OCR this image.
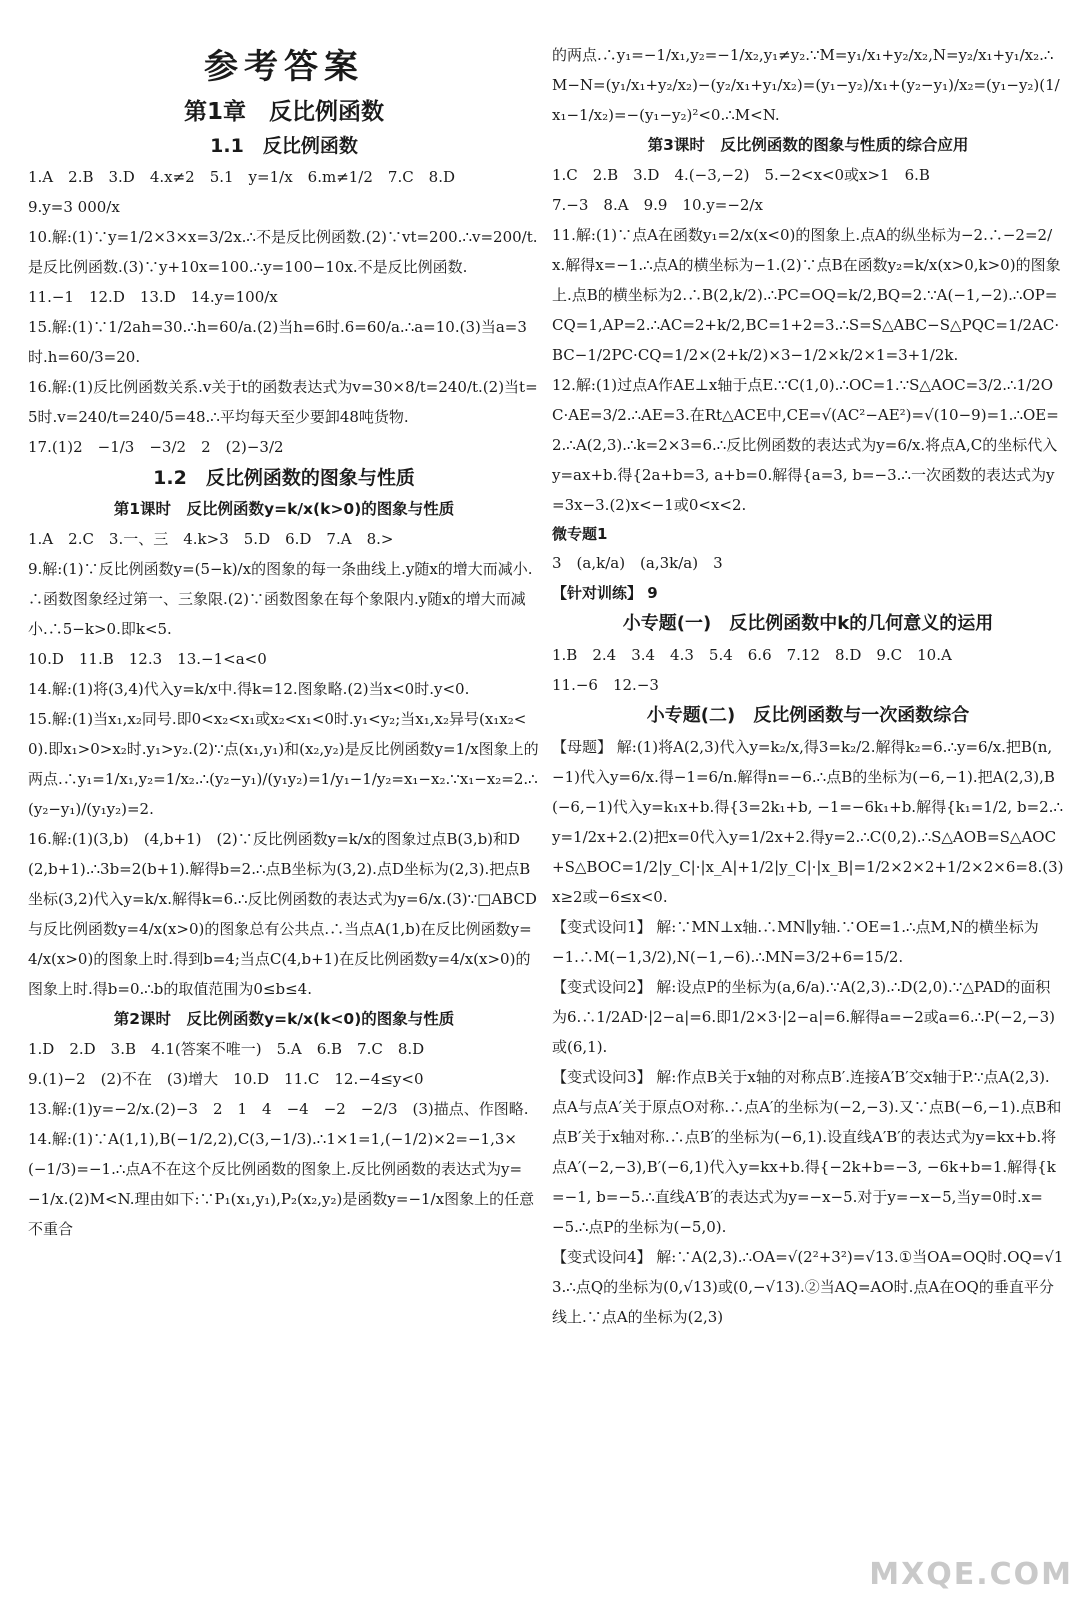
参考答案
第1章　反比例函数
1.1　反比例函数

1.A　2.B　3.D　4.x≠2　5.1　y=1/x　6.m≠1/2　7.C　8.D

9.y=3 000/x

10.解:(1)∵y=1/2×3×x=3/2x.∴不是反比例函数.(2)∵vt=200.∴v=200/t.是反比例函数.(3)∵y+10x=100.∴y=100−10x.不是反比例函数.

11.−1　12.D　13.D　14.y=100/x

15.解:(1)∵1/2ah=30.∴h=60/a.(2)当h=6时.6=60/a.∴a=10.(3)当a=3时.h=60/3=20.

16.解:(1)反比例函数关系.v关于t的函数表达式为v=30×8/t=240/t.(2)当t=5时.v=240/t=240/5=48.∴平均每天至少要卸48吨货物.

17.(1)2　−1/3　−3/2　2　(2)−3/2

1.2　反比例函数的图象与性质
第1课时　反比例函数y=k/x(k>0)的图象与性质

1.A　2.C　3.一、三　4.k>3　5.D　6.D　7.A　8.>

9.解:(1)∵反比例函数y=(5−k)/x的图象的每一条曲线上.y随x的增大而减小.∴函数图象经过第一、三象限.(2)∵函数图象在每个象限内.y随x的增大而减小.∴5−k>0.即k<5.

10.D　11.B　12.3　13.−1<a<0

14.解:(1)将(3,4)代入y=k/x中.得k=12.图象略.(2)当x<0时.y<0.

15.解:(1)当x₁,x₂同号.即0<x₂<x₁或x₂<x₁<0时.y₁<y₂;当x₁,x₂异号(x₁x₂<0).即x₁>0>x₂时.y₁>y₂.(2)∵点(x₁,y₁)和(x₂,y₂)是反比例函数y=1/x图象上的两点.∴y₁=1/x₁,y₂=1/x₂.∴(y₂−y₁)/(y₁y₂)=1/y₁−1/y₂=x₁−x₂.∵x₁−x₂=2.∴(y₂−y₁)/(y₁y₂)=2.

16.解:(1)(3,b)　(4,b+1)　(2)∵反比例函数y=k/x的图象过点B(3,b)和D(2,b+1).∴3b=2(b+1).解得b=2.∴点B坐标为(3,2).点D坐标为(2,3).把点B坐标(3,2)代入y=k/x.解得k=6.∴反比例函数的表达式为y=6/x.(3)∵□ABCD与反比例函数y=4/x(x>0)的图象总有公共点.∴当点A(1,b)在反比例函数y=4/x(x>0)的图象上时.得到b=4;当点C(4,b+1)在反比例函数y=4/x(x>0)的图象上时.得b=0.∴b的取值范围为0≤b≤4.

第2课时　反比例函数y=k/x(k<0)的图象与性质

1.D　2.D　3.B　4.1(答案不唯一)　5.A　6.B　7.C　8.D

9.(1)−2　(2)不在　(3)增大　10.D　11.C　12.−4≤y<0

13.解:(1)y=−2/x.(2)−3　2　1　4　−4　−2　−2/3　(3)描点、作图略.

14.解:(1)∵A(1,1),B(−1/2,2),C(3,−1/3).∴1×1=1,(−1/2)×2=−1,3×(−1/3)=−1.∴点A不在这个反比例函数的图象上.反比例函数的表达式为y=−1/x.(2)M<N.理由如下:∵P₁(x₁,y₁),P₂(x₂,y₂)是函数y=−1/x图象上的任意不重合

的两点.∴y₁=−1/x₁,y₂=−1/x₂,y₁≠y₂.∵M=y₁/x₁+y₂/x₂,N=y₂/x₁+y₁/x₂.∴M−N=(y₁/x₁+y₂/x₂)−(y₂/x₁+y₁/x₂)=(y₁−y₂)/x₁+(y₂−y₁)/x₂=(y₁−y₂)(1/x₁−1/x₂)=−(y₁−y₂)²<0.∴M<N.

第3课时　反比例函数的图象与性质的综合应用

1.C　2.B　3.D　4.(−3,−2)　5.−2<x<0或x>1　6.B

7.−3　8.A　9.9　10.y=−2/x

11.解:(1)∵点A在函数y₁=2/x(x<0)的图象上.点A的纵坐标为−2.∴−2=2/x.解得x=−1.∴点A的横坐标为−1.(2)∵点B在函数y₂=k/x(x>0,k>0)的图象上.点B的横坐标为2.∴B(2,k/2).∴PC=OQ=k/2,BQ=2.∵A(−1,−2).∴OP=CQ=1,AP=2.∴AC=2+k/2,BC=1+2=3.∴S=S△ABC−S△PQC=1/2AC·BC−1/2PC·CQ=1/2×(2+k/2)×3−1/2×k/2×1=3+1/2k.

12.解:(1)过点A作AE⊥x轴于点E.∵C(1,0).∴OC=1.∵S△AOC=3/2.∴1/2OC·AE=3/2.∴AE=3.在Rt△ACE中,CE=√(AC²−AE²)=√(10−9)=1.∴OE=2.∴A(2,3).∴k=2×3=6.∴反比例函数的表达式为y=6/x.将点A,C的坐标代入y=ax+b.得{2a+b=3, a+b=0.解得{a=3, b=−3.∴一次函数的表达式为y=3x−3.(2)x<−1或0<x<2.

微专题1

3　(a,k/a)　(a,3k/a)　3

【针对训练】 9

小专题(一)　反比例函数中k的几何意义的运用

1.B　2.4　3.4　4.3　5.4　6.6　7.12　8.D　9.C　10.A

11.−6　12.−3

小专题(二)　反比例函数与一次函数综合

【母题】 解:(1)将A(2,3)代入y=k₂/x,得3=k₂/2.解得k₂=6.∴y=6/x.把B(n,−1)代入y=6/x.得−1=6/n.解得n=−6.∴点B的坐标为(−6,−1).把A(2,3),B(−6,−1)代入y=k₁x+b.得{3=2k₁+b, −1=−6k₁+b.解得{k₁=1/2, b=2.∴y=1/2x+2.(2)把x=0代入y=1/2x+2.得y=2.∴C(0,2).∴S△AOB=S△AOC+S△BOC=1/2|y_C|·|x_A|+1/2|y_C|·|x_B|=1/2×2×2+1/2×2×6=8.(3)x≥2或−6≤x<0.

【变式设问1】 解:∵MN⊥x轴.∴MN∥y轴.∵OE=1.∴点M,N的横坐标为−1.∴M(−1,3/2),N(−1,−6).∴MN=3/2+6=15/2.

【变式设问2】 解:设点P的坐标为(a,6/a).∵A(2,3).∴D(2,0).∵△PAD的面积为6.∴1/2AD·|2−a|=6.即1/2×3·|2−a|=6.解得a=−2或a=6.∴P(−2,−3)或(6,1).

【变式设问3】 解:作点B关于x轴的对称点B′.连接A′B′交x轴于P.∵点A(2,3).点A与点A′关于原点O对称.∴点A′的坐标为(−2,−3).又∵点B(−6,−1).点B和点B′关于x轴对称.∴点B′的坐标为(−6,1).设直线A′B′的表达式为y=kx+b.将点A′(−2,−3),B′(−6,1)代入y=kx+b.得{−2k+b=−3, −6k+b=1.解得{k=−1, b=−5.∴直线A′B′的表达式为y=−x−5.对于y=−x−5,当y=0时.x=−5.∴点P的坐标为(−5,0).

【变式设问4】 解:∵A(2,3).∴OA=√(2²+3²)=√13.①当OA=OQ时.OQ=√13.∴点Q的坐标为(0,√13)或(0,−√13).②当AQ=AO时.点A在OQ的垂直平分线上.∵点A的坐标为(2,3)

MXQE.COM
